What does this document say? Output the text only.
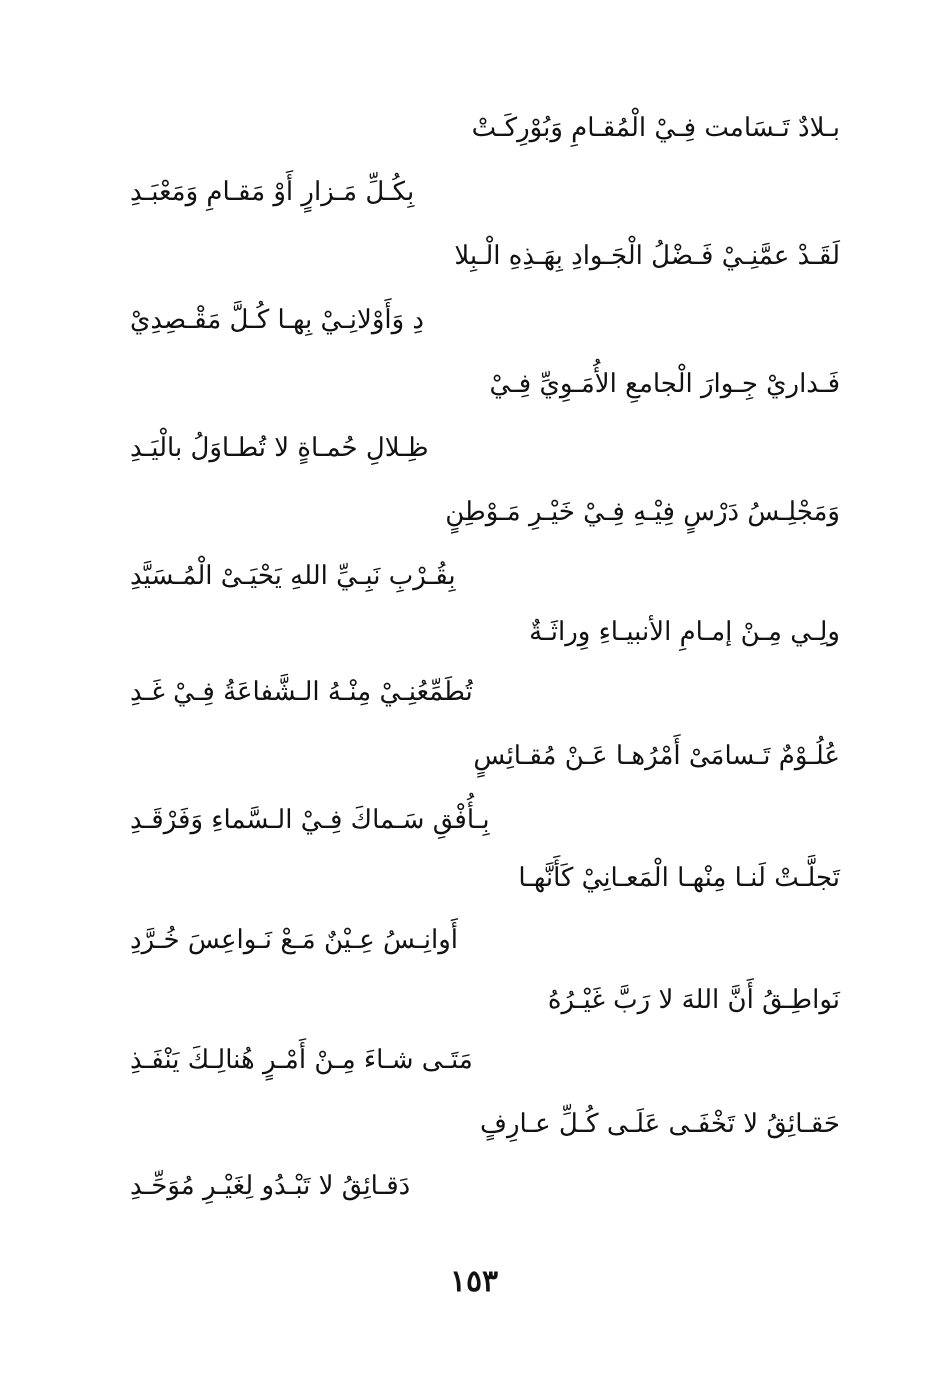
بـلادٌ تَـسَامت فِـيْ الْمُقـامِ وَبُوْرِكَـتْ
بِكُـلِّ مَـزارٍ أَوْ مَقـامِ وَمَعْبَـدِ
لَقَـدْ عمَّنِـيْ فَـضْلُ الْجَـوادِ بِهَـذِهِ الْـبِلا
دِ وَأَوْلانِـيْ بِهـا كُـلَّ مَقْـصِدِيْ
فَـداريْ جِـوارَ الْجامعِ الأُمَـوِيِّ فِـيْ
ظِـلالِ حُمـاةٍ لا تُطـاوَلُ بالْيَـدِ
وَمَجْلِـسُ دَرْسٍ فِيْـهِ فِـيْ خَيْـرِ مَـوْطِنٍ
بِقُـرْبِ نَبِـيِّ اللهِ يَحْيَـىْ الْمُـسَيَّدِ
ولِـي مِـنْ إمـامِ الأنبيـاءِ وِراثَـةٌ
تُطَمِّعُنِـيْ مِنْـهُ الـشَّفاعَةُ فِـيْ غَـدِ
عُلُـوْمٌ تَـسامَىْ أَمْرُهـا عَـنْ مُقـائِسٍ
بِـأُفْقِ سَـماكَ فِـيْ الـسَّماءِ وَفَرْقَـدِ
تَجلَّـتْ لَنـا مِنْهـا الْمَعـانِيْ كَأَنَّهـا
أَوانِـسُ عِـيْنٌ مَـعْ نَـواعِسَ خُـرَّدِ
نَواطِـقُ أَنَّ اللهَ لا رَبَّ غَيْـرُهُ
مَتَـى شـاءَ مِـنْ أَمْـرٍ هُنالِـكَ يَنْفَـذِ
حَقـائِقُ لا تَخْفَـى عَلَـى كُـلِّ عـارِفٍ
دَقـائِقُ لا تَبْـدُو لِغَيْـرِ مُوَحِّـدِ
١٥٣
